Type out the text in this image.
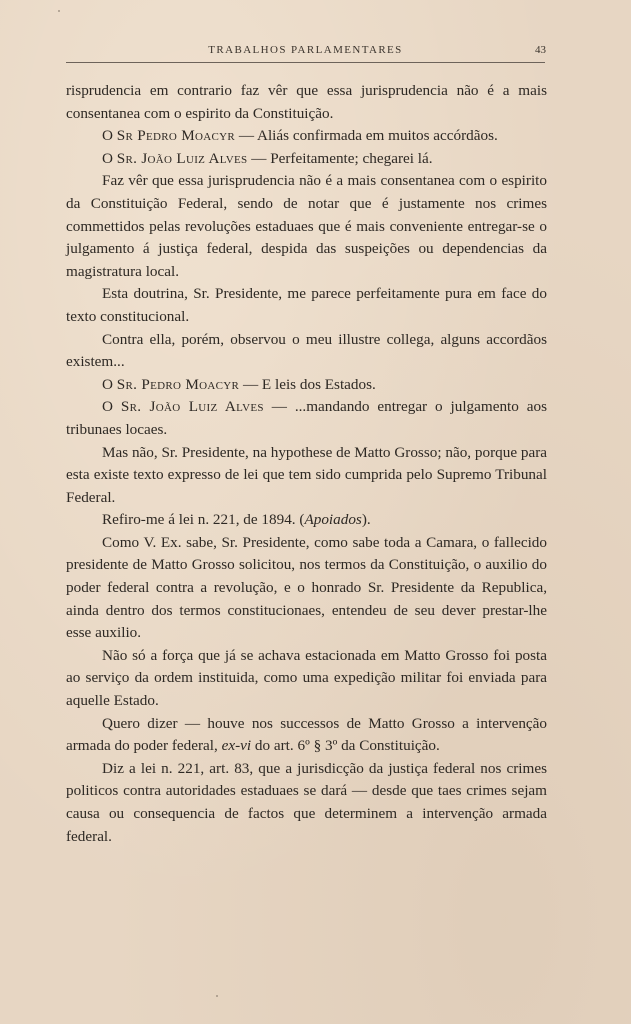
TRABALHOS PARLAMENTARES	43

risprudencia em contrario faz vêr que essa jurisprudencia não é a mais consentanea com o espirito da Constituição.

O Sr Pedro Moacyr — Aliás confirmada em muitos accórdãos.

O Sr. João Luiz Alves — Perfeitamente; chegarei lá.

Faz vêr que essa jurisprudencia não é a mais consentanea com o espirito da Constituição Federal, sendo de notar que é justamente nos crimes commettidos pelas revoluções estaduaes que é mais conveniente entregar-se o julgamento á justiça federal, despida das suspeições ou dependencias da magistratura local.

Esta doutrina, Sr. Presidente, me parece perfeitamente pura em face do texto constitucional.

Contra ella, porém, observou o meu illustre collega, alguns accordãos existem...

O Sr. Pedro Moacyr — E leis dos Estados.

O Sr. João Luiz Alves — ...mandando entregar o julgamento aos tribunaes locaes.

Mas não, Sr. Presidente, na hypothese de Matto Grosso; não, porque para esta existe texto expresso de lei que tem sido cumprida pelo Supremo Tribunal Federal.

Refiro-me á lei n. 221, de 1894. (Apoiados).

Como V. Ex. sabe, Sr. Presidente, como sabe toda a Camara, o fallecido presidente de Matto Grosso solicitou, nos termos da Constituição, o auxilio do poder federal contra a revolução, e o honrado Sr. Presidente da Republica, ainda dentro dos termos constitucionaes, entendeu de seu dever prestar-lhe esse auxilio.

Não só a força que já se achava estacionada em Matto Grosso foi posta ao serviço da ordem instituida, como uma expedição militar foi enviada para aquelle Estado.

Quero dizer — houve nos successos de Matto Grosso a intervenção armada do poder federal, ex-vi do art. 6º § 3º da Constituição.

Diz a lei n. 221, art. 83, que a jurisdicção da justiça federal nos crimes politicos contra autoridades estaduaes se dará — desde que taes crimes sejam causa ou consequencia de factos que determinem a intervenção armada federal.
